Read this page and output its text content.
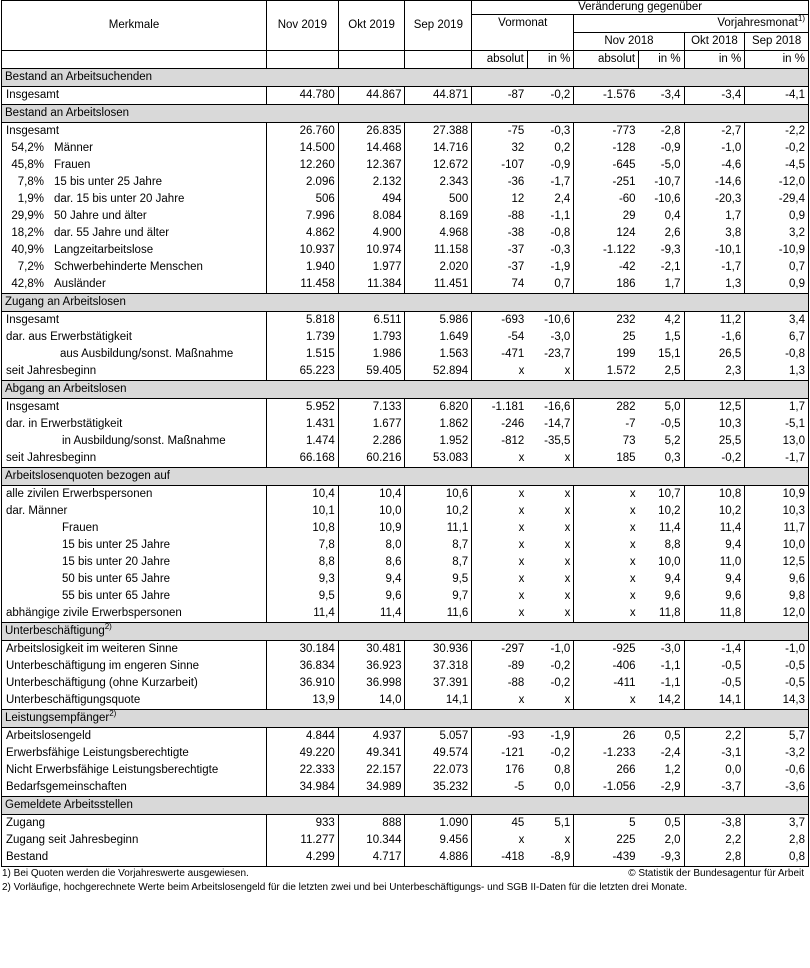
Merkmale	Nov 2019	Okt 2019	Sep 2019	Veränderung gegenüber					
				Vormonat		Vorjahresmonat$^{1)}$
						Nov 2018		Okt 2018	Sep 2018
				absolut	in %	absolut	in %	in %	in %
Bestand an Arbeitsuchenden									
Insgesamt	44.780	44.867	44.871	-87	-0,2	-1.576	-3,4	-3,4	-4,1
Bestand an Arbeitslosen									
Insgesamt	26.760	26.835	27.388	-75	-0,3	-773	-2,8	-2,7	-2,2
54,2% Männer	14.500	14.468	14.716	32	0,2	-128	-0,9	-1,0	-0,2
45,8% Frauen	12.260	12.367	12.672	-107	-0,9	-645	-5,0	-4,6	-4,5
7,8% 15 bis unter 25 Jahre	2.096	2.132	2.343	-36	-1,7	-251	-10,7	-14,6	-12,0
1,9% dar. 15 bis unter 20 Jahre	506	494	500	12	2,4	-60	-10,6	-20,3	-29,4
29,9% 50 Jahre und älter	7.996	8.084	8.169	-88	-1,1	29	0,4	1,7	0,9
18,2% dar. 55 Jahre und älter	4.862	4.900	4.968	-38	-0,8	124	2,6	3,8	3,2
40,9% Langzeitarbeitslose	10.937	10.974	11.158	-37	-0,3	-1.122	-9,3	-10,1	-10,9
7,2% Schwerbehinderte Menschen	1.940	1.977	2.020	-37	-1,9	-42	-2,1	-1,7	0,7
42,8% Ausländer	11.458	11.384	11.451	74	0,7	186	1,7	1,3	0,9
Zugang an Arbeitslosen									
Insgesamt	5.818	6.511	5.986	-693	-10,6	232	4,2	11,2	3,4
dar. aus Erwerbstätigkeit	1.739	1.793	1.649	-54	-3,0	25	1,5	-1,6	6,7
aus Ausbildung/sonst. Maßnahme	1.515	1.986	1.563	-471	-23,7	199	15,1	26,5	-0,8
seit Jahresbeginn	65.223	59.405	52.894	x	x	1.572	2,5	2,3	1,3
Abgang an Arbeitslosen									
Insgesamt	5.952	7.133	6.820	-1.181	-16,6	282	5,0	12,5	1,7
dar. in Erwerbstätigkeit	1.431	1.677	1.862	-246	-14,7	-7	-0,5	10,3	-5,1
in Ausbildung/sonst. Maßnahme	1.474	2.286	1.952	-812	-35,5	73	5,2	25,5	13,0
seit Jahresbeginn	66.168	60.216	53.083	x	x	185	0,3	-0,2	-1,7
Arbeitslosenquoten bezogen auf									
alle zivilen Erwerbspersonen	10,4	10,4	10,6	x	x	x	10,7	10,8	10,9
dar. Männer	10,1	10,0	10,2	x	x	x	10,2	10,2	10,3
Frauen	10,8	10,9	11,1	x	x	x	11,4	11,4	11,7
15 bis unter 25 Jahre	7,8	8,0	8,7	x	x	x	8,8	9,4	10,0
15 bis unter 20 Jahre	8,8	8,6	8,7	x	x	x	10,0	11,0	12,5
50 bis unter 65 Jahre	9,3	9,4	9,5	x	x	x	9,4	9,4	9,6
55 bis unter 65 Jahre	9,5	9,6	9,7	x	x	x	9,6	9,6	9,8
abhängige zivile Erwerbspersonen	11,4	11,4	11,6	x	x	x	11,8	11,8	12,0
Unterbeschäftigung$^{2)}$
Arbeitslosigkeit im weiteren Sinne	30.184	30.481	30.936	-297	-1,0	-925	-3,0	-1,4	-1,0
Unterbeschäftigung im engeren Sinne	36.834	36.923	37.318	-89	-0,2	-406	-1,1	-0,5	-0,5
Unterbeschäftigung (ohne Kurzarbeit)	36.910	36.998	37.391	-88	-0,2	-411	-1,1	-0,5	-0,5
Unterbeschäftigungsquote	13,9	14,0	14,1	x	x	x	14,2	14,1	14,3
Leistungsempfänger$^{2)}$
Arbeitslosengeld	4.844	4.937	5.057	-93	-1,9	26	0,5	2,2	5,7
Erwerbsfähige Leistungsberechtigte	49.220	49.341	49.574	-121	-0,2	-1.233	-2,4	-3,1	-3,2
Nicht Erwerbsfähige Leistungsberechtigte	22.333	22.157	22.073	176	0,8	266	1,2	0,0	-0,6
Bedarfsgemeinschaften	34.984	34.989	35.232	-5	0,0	-1.056	-2,9	-3,7	-3,6
Gemeldete Arbeitsstellen									
Zugang	933	888	1.090	45	5,1	5	0,5	-3,8	3,7
Zugang seit Jahresbeginn	11.277	10.344	9.456	x	x	225	2,0	2,2	2,8
Bestand	4.299	4.717	4.886	-418	-8,9	-439	-9,3	2,8	0,8
1) Bei Quoten werden die Vorjahreswerte ausgewiesen.	© Statistik der Bundesagentur für Arbeit
2) Vorläufige, hochgerechnete Werte beim Arbeitslosengeld für die letzten zwei und bei Unterbeschäftigungs- und SGB II-Daten für die letzten drei Monate.
